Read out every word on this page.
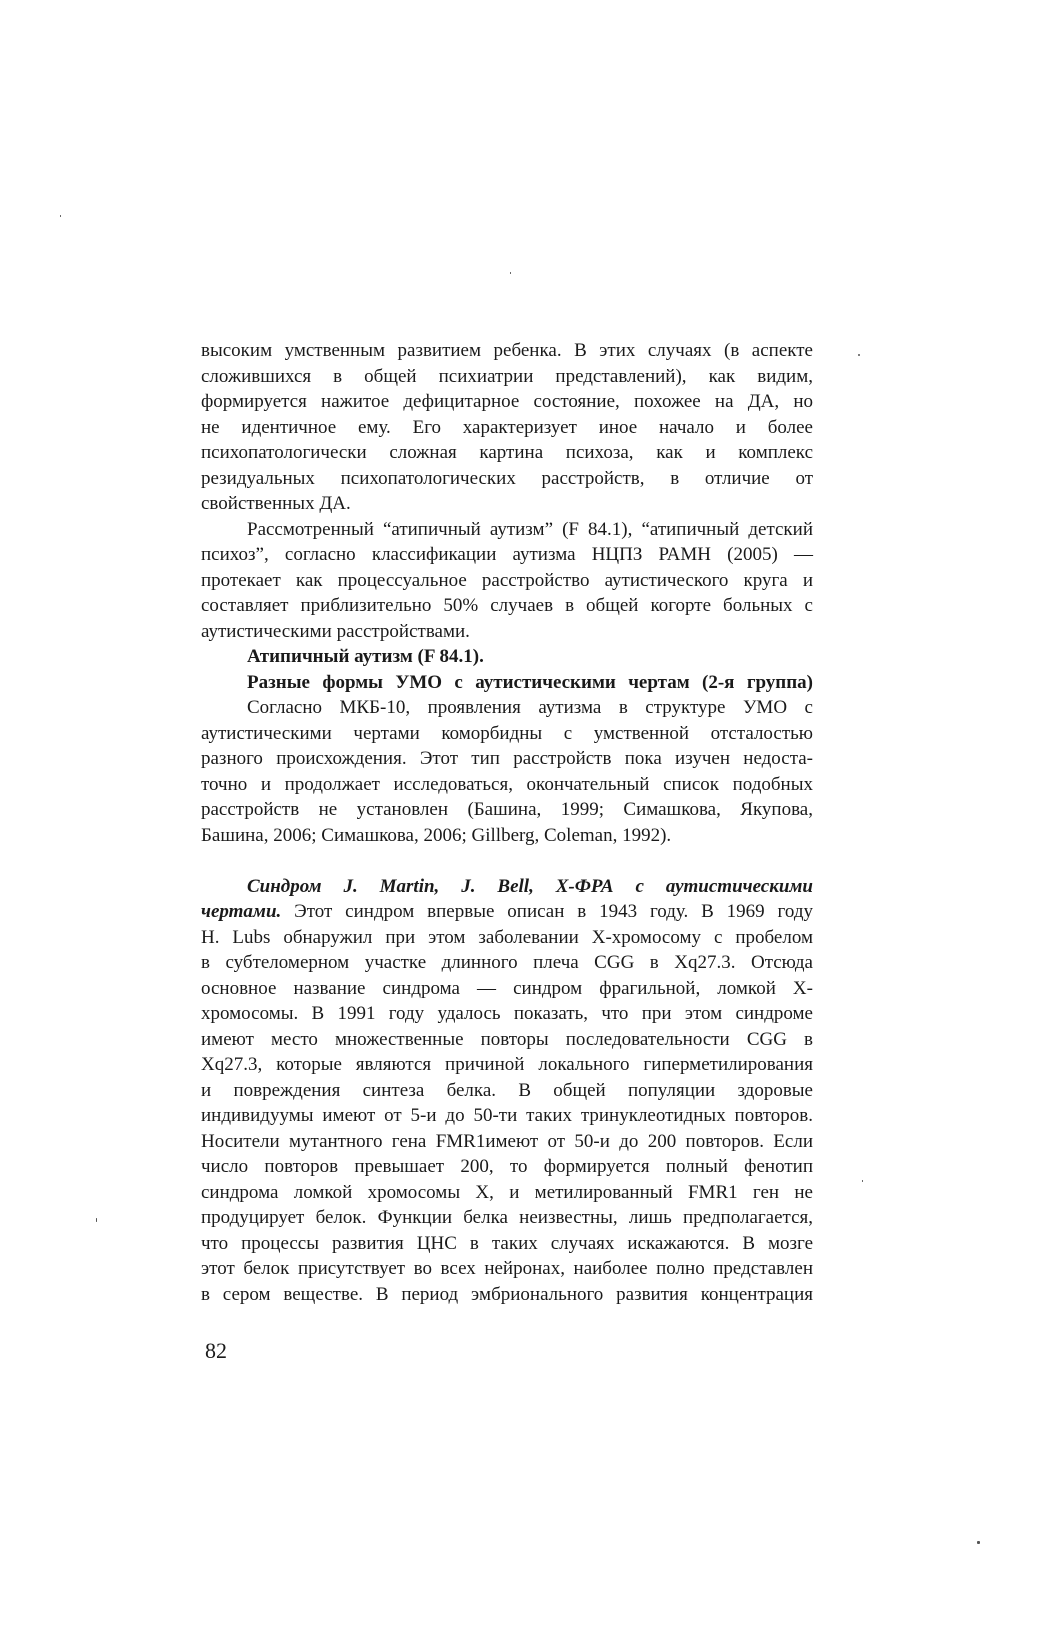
высоким умственным развитием ребенка. В этих случаях (в аспекте
сложившихся в общей психиатрии представлений), как видим,
формируется нажитое дефицитарное состояние, похожее на ДА, но
не идентичное ему. Его характеризует иное начало и более
психопатологически сложная картина психоза, как и комплекс
резидуальных психопатологических расстройств, в отличие от
свойственных ДА.
Рассмотренный “атипичный аутизм” (F 84.1), “атипичный детский
психоз”, согласно классификации аутизма НЦПЗ РАМН (2005) —
протекает как процессуальное расстройство аутистического круга и
составляет приблизительно 50% случаев в общей когорте больных с
аутистическими расстройствами.
Атипичный аутизм (F 84.1).
Разные формы УМО с аутистическими чертам (2-я группа)
Согласно МКБ-10, проявления аутизма в структуре УМО с
аутистическими чертами коморбидны с умственной отсталостью
разного происхождения. Этот тип расстройств пока изучен недоста-
точно и продолжает исследоваться, окончательный список подобных
расстройств не установлен (Башина, 1999; Симашкова, Якупова,
Башина, 2006; Симашкова, 2006; Gillberg, Coleman, 1992).
Синдром J. Martin, J. Bell, X-ФРА с аутистическими
чертами. Этот синдром впервые описан в 1943 году. В 1969 году
H. Lubs обнаружил при этом заболевании Х-хромосому с пробелом
в субтеломерном участке длинного плеча CGG в Xq27.3. Отсюда
основное название синдрома — синдром фрагильной, ломкой Х-
хромосомы. В 1991 году удалось показать, что при этом синдроме
имеют место множественные повторы последовательности CGG в
Xq27.3, которые являются причиной локального гиперметилирования
и повреждения синтеза белка. В общей популяции здоровые
индивидуумы имеют от 5-и до 50-ти таких тринуклеотидных повторов.
Носители мутантного гена FMR1имеют от 50-и до 200 повторов. Если
число повторов превышает 200, то формируется полный фенотип
синдрома ломкой хромосомы X, и метилированный FMR1 ген не
продуцирует белок. Функции белка неизвестны, лишь предполагается,
что процессы развития ЦНС в таких случаях искажаются. В мозге
этот белок присутствует во всех нейронах, наиболее полно представлен
в сером веществе. В период эмбрионального развития концентрация
82
